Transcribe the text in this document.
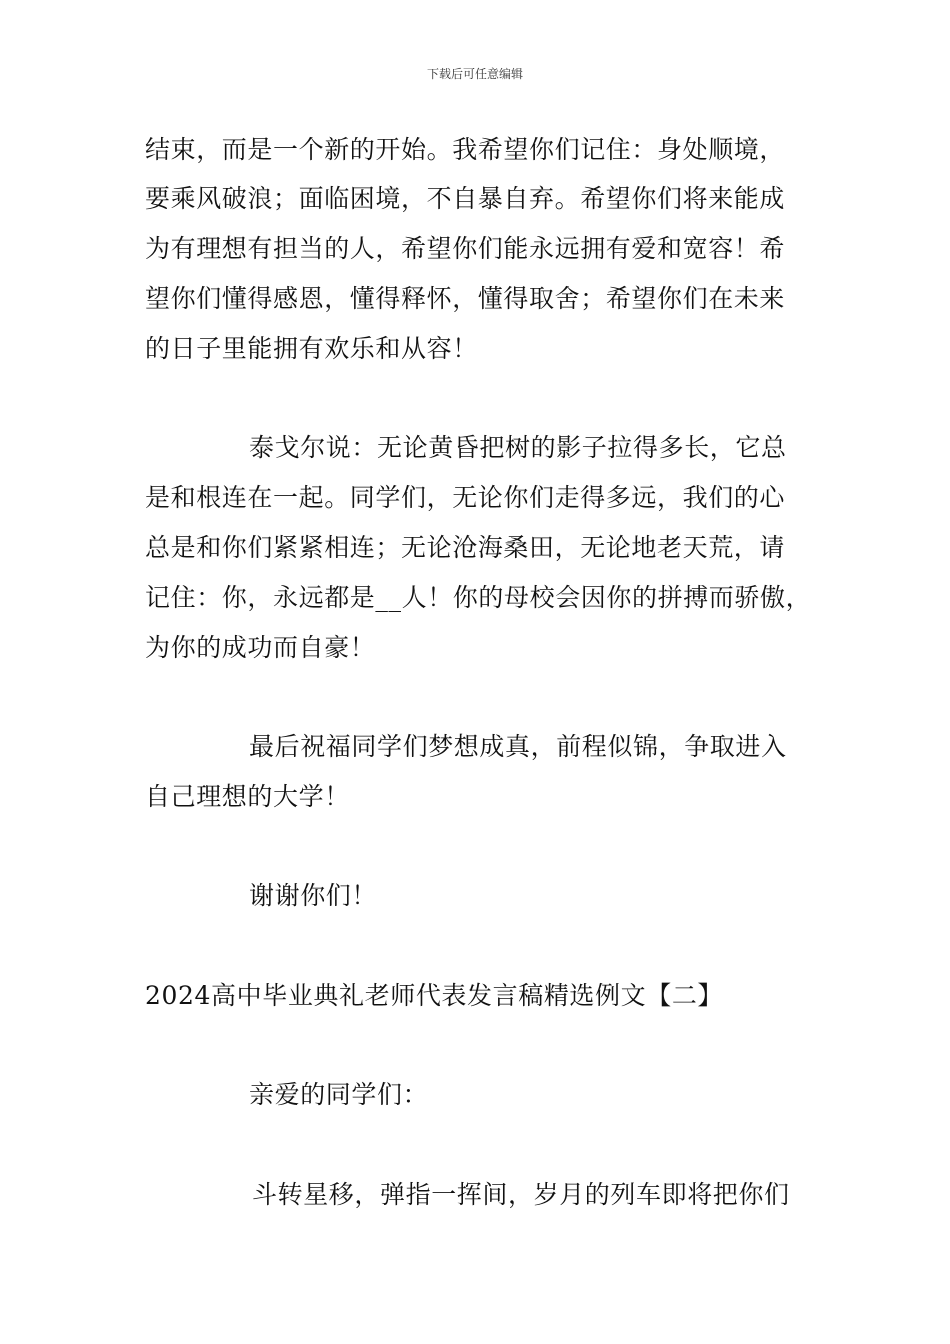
下载后可任意编辑
结束，而是一个新的开始。我希望你们记住：身处顺境，
要乘风破浪；面临困境，不自暴自弃。希望你们将来能成
为有理想有担当的人，希望你们能永远拥有爱和宽容！希
望你们懂得感恩，懂得释怀，懂得取舍；希望你们在未来
的日子里能拥有欢乐和从容！
泰戈尔说：无论黄昏把树的影子拉得多长，它总
是和根连在一起。同学们，无论你们走得多远，我们的心
总是和你们紧紧相连；无论沧海桑田，无论地老天荒，请
记住：你，永远都是__人！你的母校会因你的拼搏而骄傲，
为你的成功而自豪！
最后祝福同学们梦想成真，前程似锦，争取进入
自己理想的大学！
谢谢你们！
2024高中毕业典礼老师代表发言稿精选例文【二】
亲爱的同学们：
斗转星移，弹指一挥间，岁月的列车即将把你们
